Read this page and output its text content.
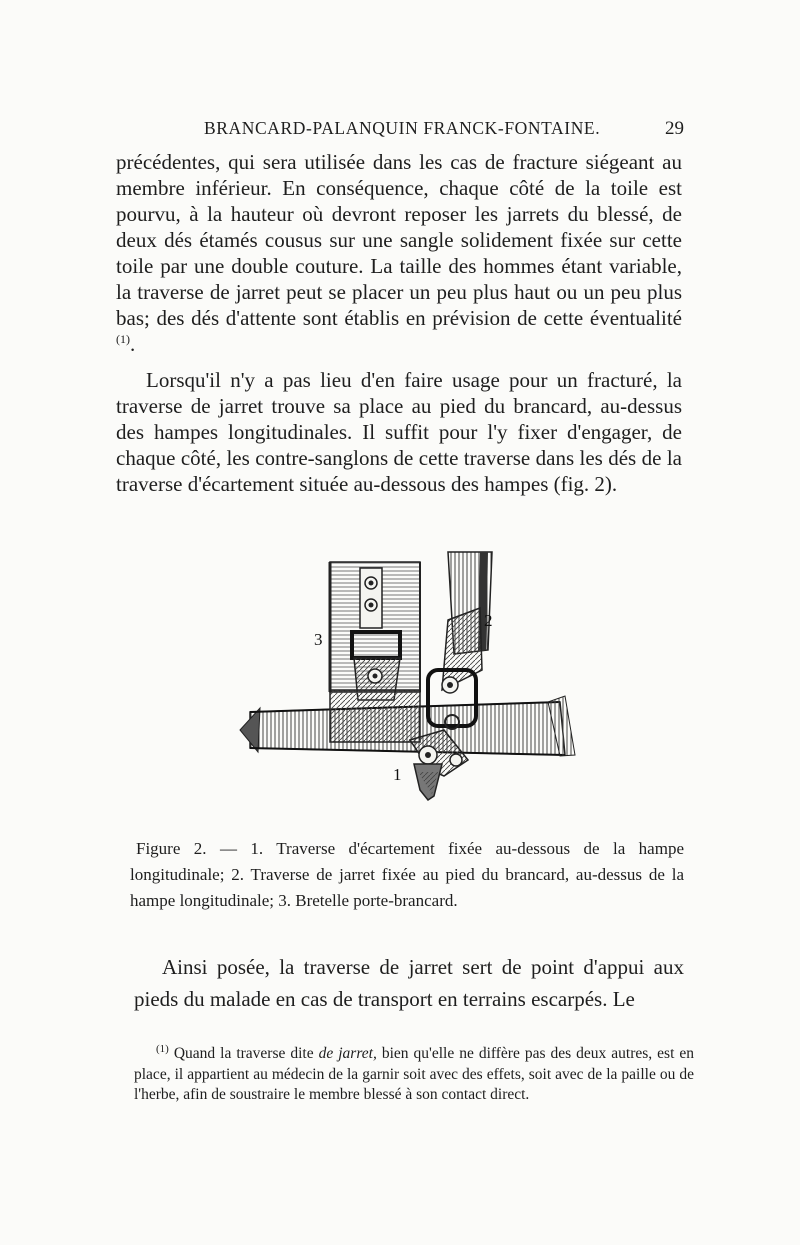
BRANCARD-PALANQUIN FRANCK-FONTAINE.	29

précédentes, qui sera utilisée dans les cas de fracture siégeant au membre inférieur. En conséquence, chaque côté de la toile est pourvu, à la hauteur où devront reposer les jarrets du blessé, de deux dés étamés cousus sur une sangle solidement fixée sur cette toile par une double couture. La taille des hommes étant variable, la traverse de jarret peut se placer un peu plus haut ou un peu plus bas; des dés d'attente sont établis en prévision de cette éventualité $^{(1)}$.

Lorsqu'il n'y a pas lieu d'en faire usage pour un fracturé, la traverse de jarret trouve sa place au pied du brancard, au-dessus des hampes longitudinales. Il suffit pour l'y fixer d'engager, de chaque côté, les contre-sanglons de cette traverse dans les dés de la traverse d'écartement située au-dessous des hampes (fig. 2).

3
2
1

Figure 2. — 1. Traverse d'écartement fixée au-dessous de la hampe longitudinale; 2. Traverse de jarret fixée au pied du brancard, au-dessus de la hampe longitudinale; 3. Bretelle porte-brancard.

Ainsi posée, la traverse de jarret sert de point d'appui aux pieds du malade en cas de transport en terrains escarpés. Le

$^{(1)}$ Quand la traverse dite de jarret, bien qu'elle ne diffère pas des deux autres, est en place, il appartient au médecin de la garnir soit avec des effets, soit avec de la paille ou de l'herbe, afin de soustraire le membre blessé à son contact direct.
